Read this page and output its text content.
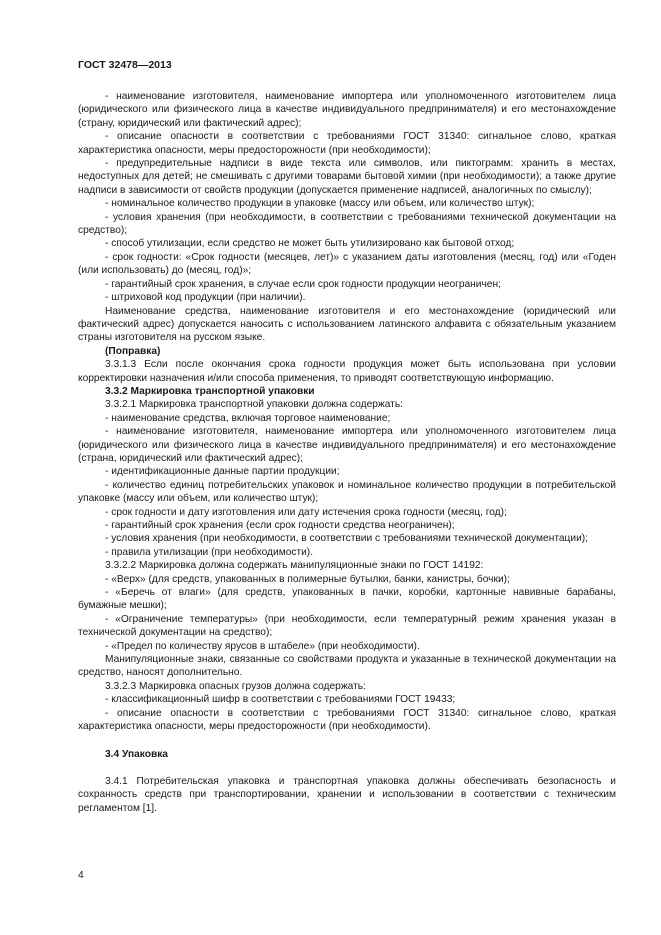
ГОСТ 32478—2013

- наименование изготовителя, наименование импортера или уполномоченного изготовителем лица (юридического или физического лица в качестве индивидуального предпринимателя) и его местонахождение (страну, юридический или фактический адрес);

- описание опасности в соответствии с требованиями ГОСТ 31340: сигнальное слово, краткая характеристика опасности, меры предосторожности (при необходимости);

- предупредительные надписи в виде текста или символов, или пиктограмм: хранить в местах, недоступных для детей; не смешивать с другими товарами бытовой химии (при необходимости); а также другие надписи в зависимости от свойств продукции (допускается применение надписей, аналогичных по смыслу);

- номинальное количество продукции в упаковке (массу или объем, или количество штук);

- условия хранения (при необходимости, в соответствии с требованиями технической документации на средство);

- способ утилизации, если средство не может быть утилизировано как бытовой отход;

- срок годности: «Срок годности (месяцев, лет)» с указанием даты изготовления (месяц, год) или «Годен (или использовать) до (месяц, год)»;

- гарантийный срок хранения, в случае если срок годности продукции неограничен;

- штриховой код продукции (при наличии).

Наименование средства, наименование изготовителя и его местонахождение (юридический или фактический адрес) допускается наносить с использованием латинского алфавита с обязательным указанием страны изготовителя на русском языке.

(Поправка)

3.3.1.3 Если после окончания срока годности продукция может быть использована при условии корректировки назначения и/или способа применения, то приводят соответствующую информацию.

3.3.2 Маркировка транспортной упаковки

3.3.2.1 Маркировка транспортной упаковки должна содержать:

- наименование средства, включая торговое наименование;

- наименование изготовителя, наименование импортера или уполномоченного изготовителем лица (юридического или физического лица в качестве индивидуального предпринимателя) и его местонахождение (страна, юридический или фактический адрес);

- идентификационные данные партии продукции;

- количество единиц потребительских упаковок и номинальное количество продукции в потребительской упаковке (массу или объем, или количество штук);

- срок годности и дату изготовления или дату истечения срока годности (месяц, год);

- гарантийный срок хранения (если срок годности средства неограничен);

- условия хранения (при необходимости, в соответствии с требованиями технической документации);

- правила утилизации (при необходимости).

3.3.2.2 Маркировка должна содержать манипуляционные знаки по ГОСТ 14192:

- «Верх» (для средств, упакованных в полимерные бутылки, банки, канистры, бочки);

- «Беречь от влаги» (для средств, упакованных в пачки, коробки, картонные навивные барабаны, бумажные мешки);

- «Ограничение температуры» (при необходимости, если температурный режим хранения указан в технической документации на средство);

- «Предел по количеству ярусов в штабеле» (при необходимости).

Манипуляционные знаки, связанные со свойствами продукта и указанные в технической документации на средство, наносят дополнительно.

3.3.2.3 Маркировка опасных грузов должна содержать:

- классификационный шифр в соответствии с требованиями ГОСТ 19433;

- описание опасности в соответствии с требованиями ГОСТ 31340: сигнальное слово, краткая характеристика опасности, меры предосторожности (при необходимости).

3.4 Упаковка

3.4.1 Потребительская упаковка и транспортная упаковка должны обеспечивать безопасность и сохранность средств при транспортировании, хранении и использовании в соответствии с техническим регламентом [1].

4
